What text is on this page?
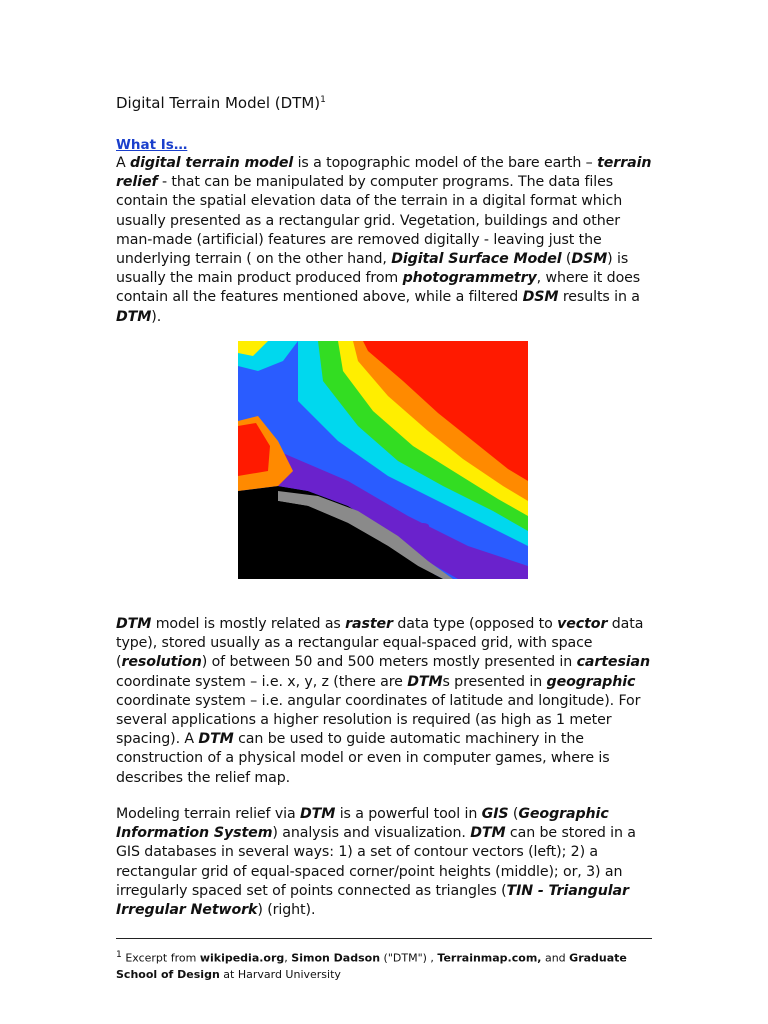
Digital Terrain Model (DTM)$^1$
What Is…
A digital terrain model is a topographic model of the bare earth – terrain relief - that can be manipulated by computer programs. The data files contain the spatial elevation data of the terrain in a digital format which usually presented as a rectangular grid. Vegetation, buildings and other man-made (artificial) features are removed digitally - leaving just the underlying terrain ( on the other hand, Digital Surface Model (DSM) is usually the main product produced from photogrammetry, where it does contain all the features mentioned above, while a filtered DSM results in a DTM).
DTM model is mostly related as raster data type (opposed to vector data type), stored usually as a rectangular equal-spaced grid, with space (resolution) of between 50 and 500 meters mostly presented in cartesian coordinate system – i.e. x, y, z (there are DTMs presented in geographic coordinate system – i.e. angular coordinates of latitude and longitude). For several applications a higher resolution is required (as high as 1 meter spacing). A DTM can be used to guide automatic machinery in the construction of a physical model or even in computer games, where is describes the relief map.
Modeling terrain relief via DTM is a powerful tool in GIS (Geographic Information System) analysis and visualization. DTM can be stored in a GIS databases in several ways: 1) a set of contour vectors (left); 2) a rectangular grid of equal-spaced corner/point heights (middle); or, 3) an irregularly spaced set of points connected as triangles (TIN - Triangular Irregular Network) (right).
$^1$ Excerpt from wikipedia.org, Simon Dadson ("DTM") , Terrainmap.com, and Graduate School of Design at Harvard University
